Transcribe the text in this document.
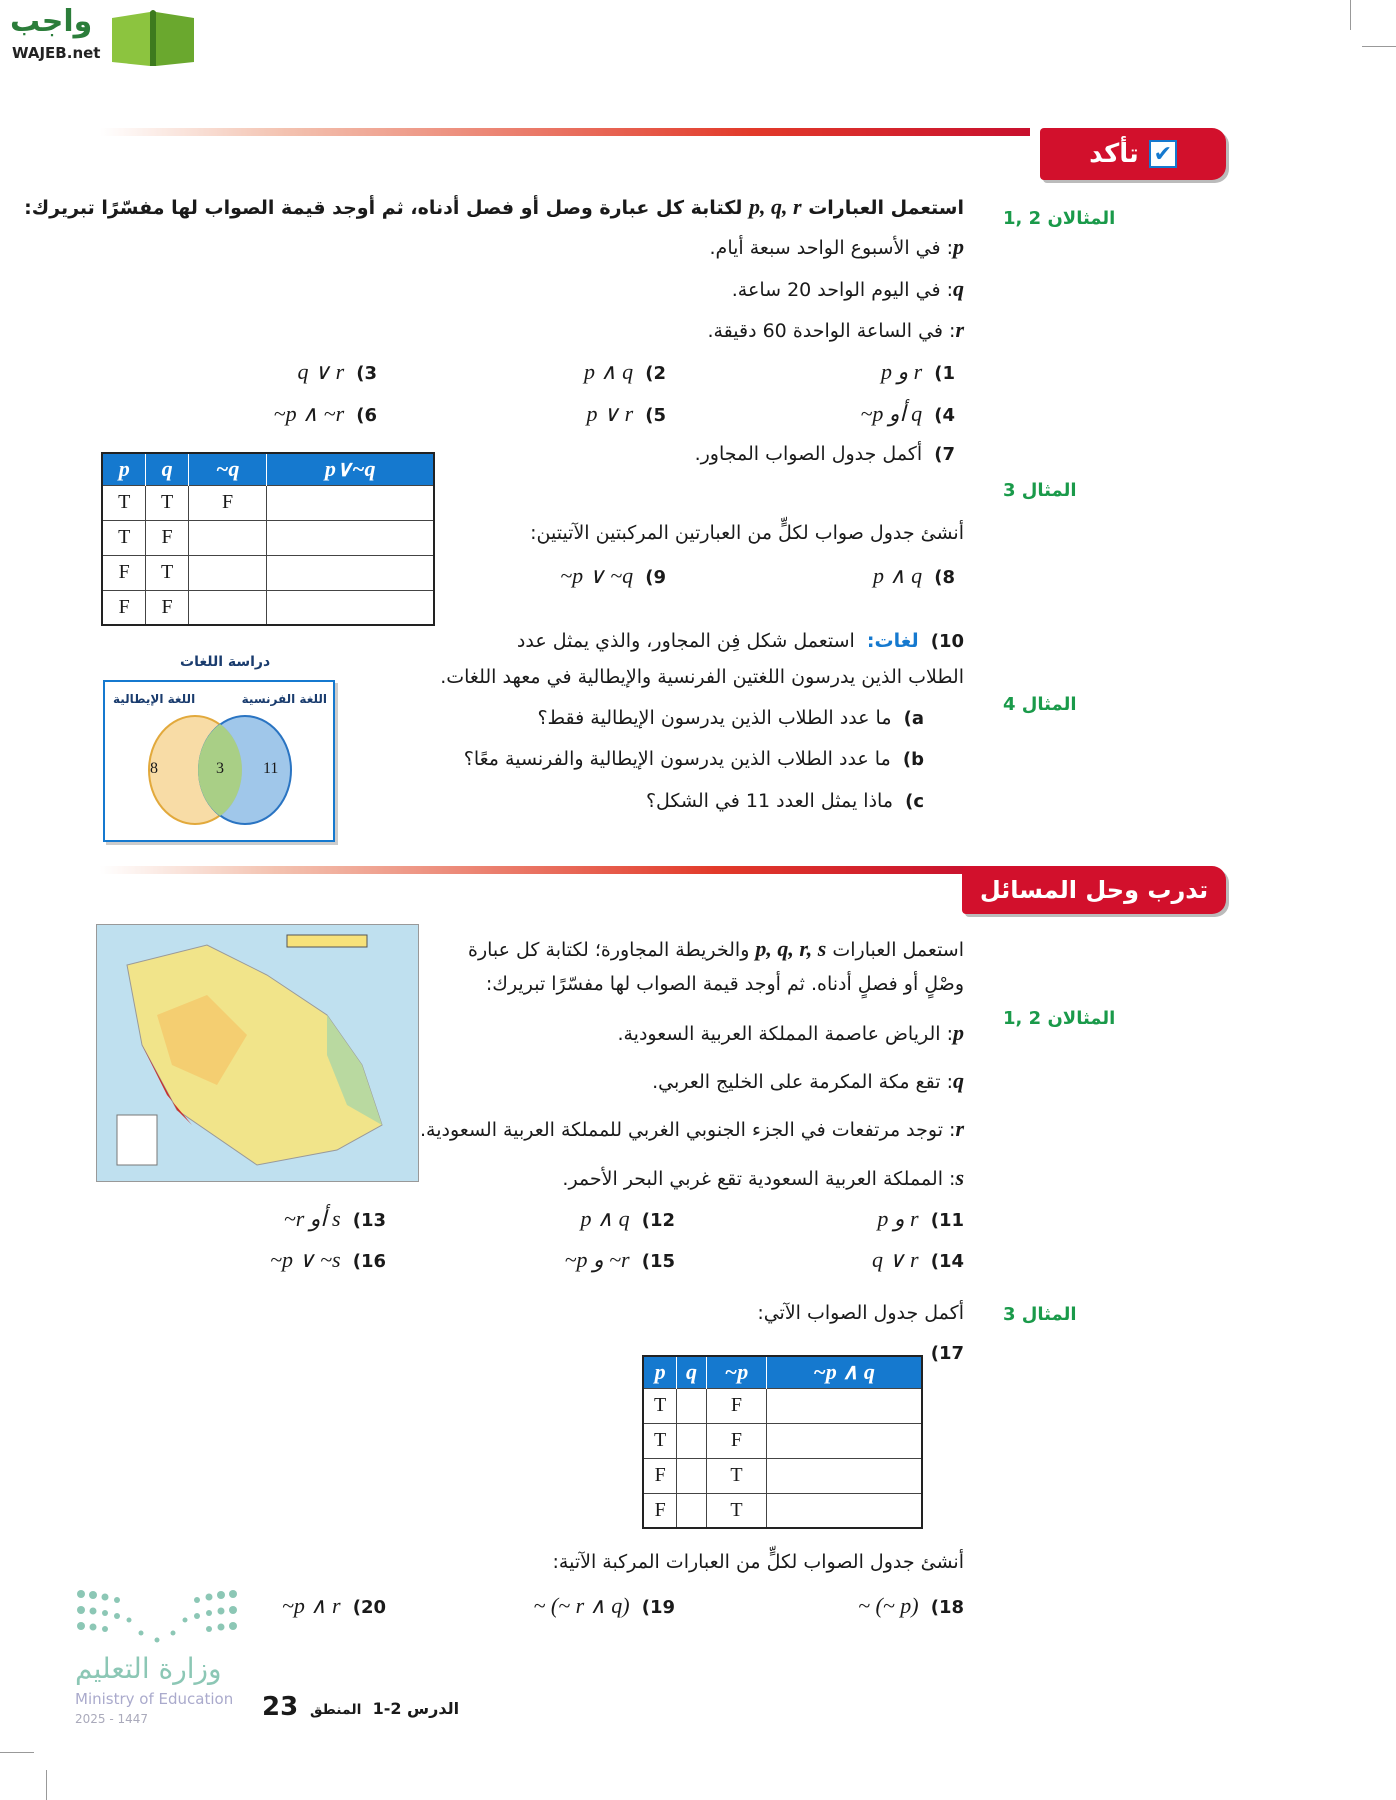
واجب
WAJEB.net
تأكد ✔
المثالان 2 ,1
استعمل العبارات p, q, r لكتابة كل عبارة وصل أو فصل أدناه، ثم أوجد قيمة الصواب لها مفسّرًا تبريرك:
p: في الأسبوع الواحد سبعة أيام.
q: في اليوم الواحد 20 ساعة.
r: في الساعة الواحدة 60 دقيقة.
1)  p و r
2)  p ∧ q
3)  q ∨ r
4)  ~p أو q
5)  p ∨ r
6)  ~p ∧ ~r
7)  أكمل جدول الصواب المجاور.
المثال 3
p	q	~q	p∨~q
T	T	F	
T	F		
F	T		
F	F		
أنشئ جدول صواب لكلٍّ من العبارتين المركبتين الآتيتين:
8)  p ∧ q
9)  ~p ∨ ~q
10)  لغات:  استعمل شكل فِن المجاور، والذي يمثل عدد
الطلاب الذين يدرسون اللغتين الفرنسية والإيطالية في معهد اللغات.
المثال 4
a)  ما عدد الطلاب الذين يدرسون الإيطالية فقط؟
b)  ما عدد الطلاب الذين يدرسون الإيطالية والفرنسية معًا؟
c)  ماذا يمثل العدد 11 في الشكل؟
دراسة اللغات
اللغة الإيطالية	اللغة الفرنسية
8	3 11
تدرب وحل المسائل
المثالان 2 ,1
استعمل العبارات p, q, r, s والخريطة المجاورة؛ لكتابة كل عبارة
وصْلٍ أو فصلٍ أدناه. ثم أوجد قيمة الصواب لها مفسّرًا تبريرك:
p: الرياض عاصمة المملكة العربية السعودية.
q: تقع مكة المكرمة على الخليج العربي.
r: توجد مرتفعات في الجزء الجنوبي الغربي للمملكة العربية السعودية.
s: المملكة العربية السعودية تقع غربي البحر الأحمر.
11)  p و r
12)  p ∧ q
13)  ~r أو s
14)  q ∨ r
15)  ~p و ~r
16)  ~p ∨ ~s
المثال 3
أكمل جدول الصواب الآتي:
17)
p	q	~p	~p ∧ q
T		F	
T		F	
F		T	
F		T	
أنشئ جدول الصواب لكلٍّ من العبارات المركبة الآتية:
18)  ~ (~ p)
19)  ~ (~ r ∧ q)
20)  ~p ∧ r
وزارة التعليم
Ministry of Education
2025 - 1447	23	الدرس 2-1  المنطق
